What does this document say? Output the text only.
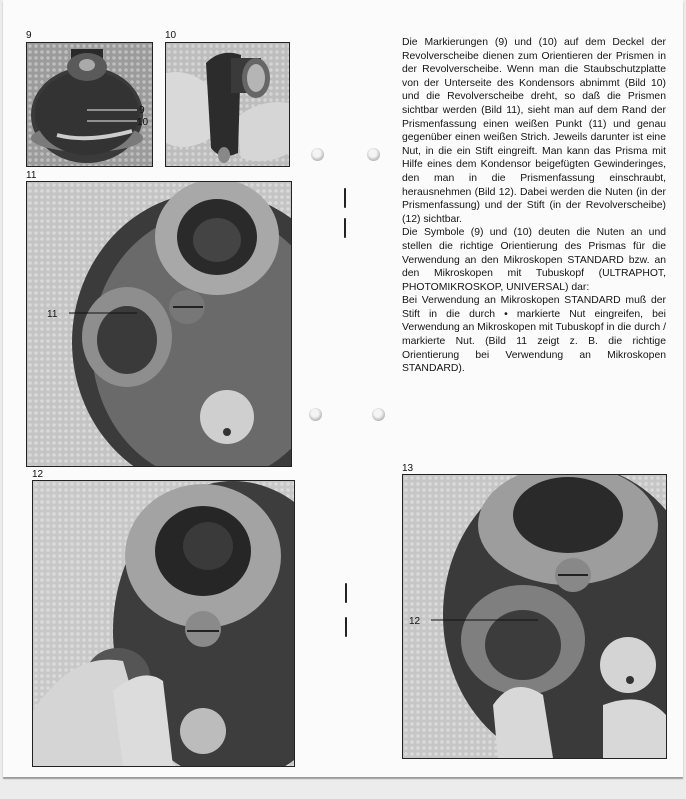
9
9
10
10
11
11
12
13
12

Die Markierungen (9) und (10) auf dem Deckel der Revolverscheibe dienen zum Orientieren der Prismen in der Revolverscheibe. Wenn man die Staubschutzplatte von der Unterseite des Kondensors abnimmt (Bild 10) und die Revolverscheibe dreht, so daß die Prismen sichtbar werden (Bild 11), sieht man auf dem Rand der Prismenfassung einen weißen Punkt (11) und genau gegenüber einen weißen Strich. Jeweils darunter ist eine Nut, in die ein Stift eingreift. Man kann das Prisma mit Hilfe eines dem Kondensor beigefügten Gewinderinges, den man in die Prismenfassung einschraubt, herausnehmen (Bild 12). Dabei werden die Nuten (in der Prismenfassung) und der Stift (in der Revolverscheibe) (12) sichtbar.

Die Symbole (9) und (10) deuten die Nuten an und stellen die richtige Orientierung des Prismas für die Verwendung an den Mikroskopen STANDARD bzw. an den Mikroskopen mit Tubuskopf (ULTRAPHOT, PHOTOMIKROSKOP, UNIVERSAL) dar:

Bei Verwendung an Mikroskopen STANDARD muß der Stift in die durch • markierte Nut eingreifen, bei Verwendung an Mikroskopen mit Tubuskopf in die durch / markierte Nut. (Bild 11 zeigt z. B. die richtige Orientierung bei Verwendung an Mikroskopen STANDARD).
